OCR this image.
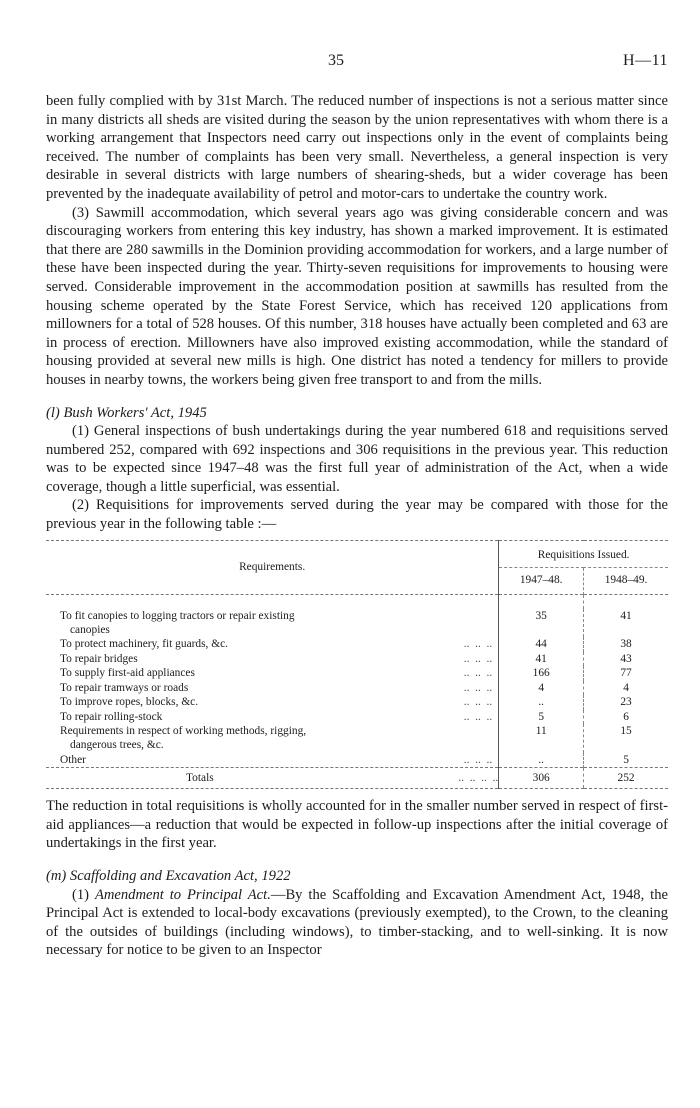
35	H—11

been fully complied with by 31st March. The reduced number of inspections is not a serious matter since in many districts all sheds are visited during the season by the union representatives with whom there is a working arrangement that Inspectors need carry out inspections only in the event of complaints being received. The number of complaints has been very small. Nevertheless, a general inspection is very desirable in several districts with large numbers of shearing-sheds, but a wider coverage has been prevented by the inadequate availability of petrol and motor-cars to undertake the country work.

(3) Sawmill accommodation, which several years ago was giving considerable concern and was discouraging workers from entering this key industry, has shown a marked improvement. It is estimated that there are 280 sawmills in the Dominion providing accommodation for workers, and a large number of these have been inspected during the year. Thirty-seven requisitions for improvements to housing were served. Considerable improvement in the accommodation position at sawmills has resulted from the housing scheme operated by the State Forest Service, which has received 120 applications from millowners for a total of 528 houses. Of this number, 318 houses have actually been completed and 63 are in process of erection. Millowners have also improved existing accommodation, while the standard of housing provided at several new mills is high. One district has noted a tendency for millers to provide houses in nearby towns, the workers being given free transport to and from the mills.

(l) Bush Workers' Act, 1945

(1) General inspections of bush undertakings during the year numbered 618 and requisitions served numbered 252, compared with 692 inspections and 306 requisitions in the previous year. This reduction was to be expected since 1947–48 was the first full year of administration of the Act, when a wide coverage, though a little superficial, was essential.

(2) Requisitions for improvements served during the year may be compared with those for the previous year in the following table :—

Requirements.	Requisitions Issued.	
	1947–48.	1948–49.

To fit canopies to logging tractors or repair existing
canopies	35	41

To protect machinery, fit guards, &c. ..  ..  ..	44	38

To repair bridges ..  ..  ..	41	43

To supply first-aid appliances ..  ..  ..	166	77

To repair tramways or roads ..  ..  ..	4	4

To improve ropes, blocks, &c. ..  ..  ..	..	23

To repair rolling-stock ..  ..  ..	5	6

Requirements in respect of working methods, rigging,
dangerous trees, &c.	11	15

Other ..  ..  ..	..	5

Totals ..  ..  ..  ..	306	252

The reduction in total requisitions is wholly accounted for in the smaller number served in respect of first-aid appliances—a reduction that would be expected in follow-up inspections after the initial coverage of undertakings in the first year.

(m) Scaffolding and Excavation Act, 1922

(1) Amendment to Principal Act.—By the Scaffolding and Excavation Amendment Act, 1948, the Principal Act is extended to local-body excavations (previously exempted), to the Crown, to the cleaning of the outsides of buildings (including windows), to timber-stacking, and to well-sinking. It is now necessary for notice to be given to an Inspector
